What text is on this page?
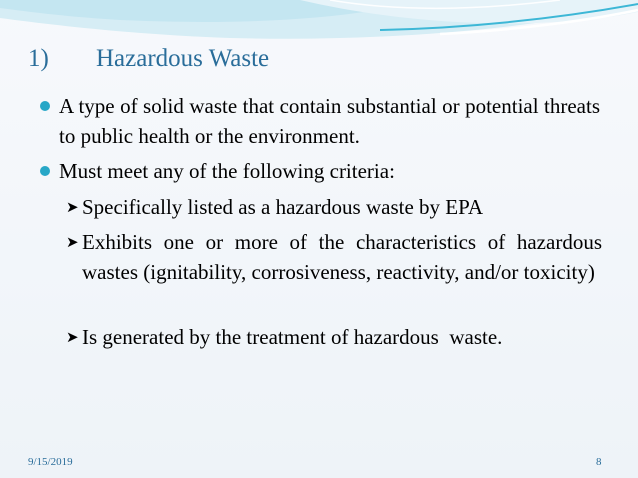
1) Hazardous Waste
A type of solid waste that contain substantial or potential threats to public health or the environment.
Must meet any of the following criteria:
➤ Specifically listed as a hazardous waste by EPA
➤ Exhibits one or more of the characteristics of hazardous wastes (ignitability, corrosiveness, reactivity, and/or toxicity)
➤ Is generated by the treatment of hazardous  waste.
9/15/2019	8
